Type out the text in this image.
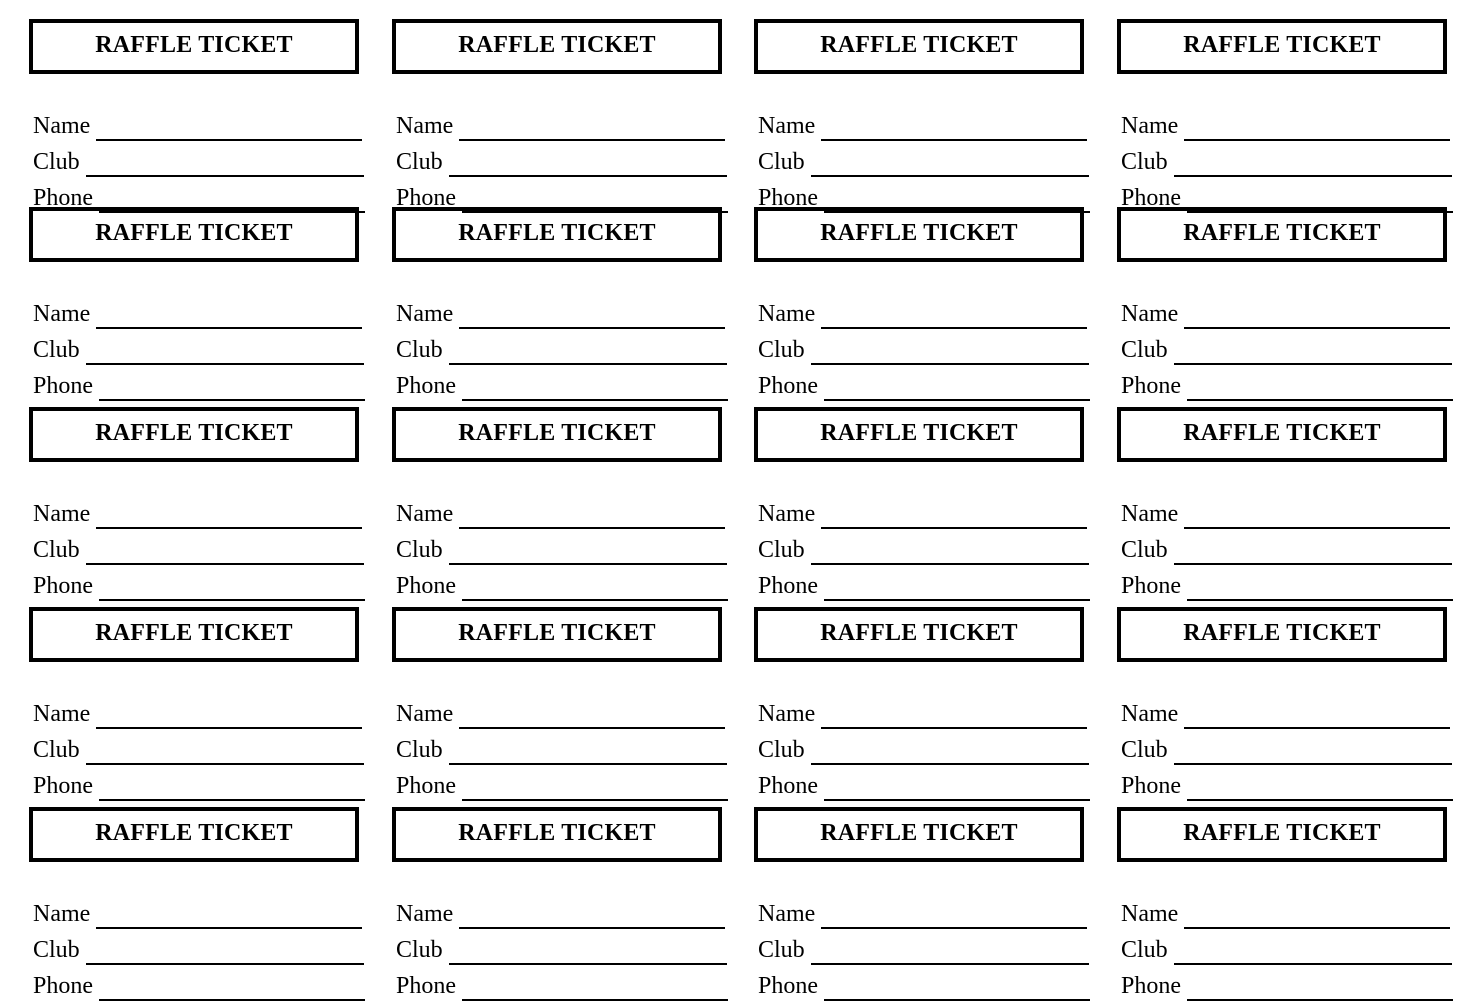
RAFFLE TICKET
Name
Club
Phone
RAFFLE TICKET
Name
Club
Phone
RAFFLE TICKET
Name
Club
Phone
RAFFLE TICKET
Name
Club
Phone
RAFFLE TICKET
Name
Club
Phone
RAFFLE TICKET
Name
Club
Phone
RAFFLE TICKET
Name
Club
Phone
RAFFLE TICKET
Name
Club
Phone
RAFFLE TICKET
Name
Club
Phone
RAFFLE TICKET
Name
Club
Phone
RAFFLE TICKET
Name
Club
Phone
RAFFLE TICKET
Name
Club
Phone
RAFFLE TICKET
Name
Club
Phone
RAFFLE TICKET
Name
Club
Phone
RAFFLE TICKET
Name
Club
Phone
RAFFLE TICKET
Name
Club
Phone
RAFFLE TICKET
Name
Club
Phone
RAFFLE TICKET
Name
Club
Phone
RAFFLE TICKET
Name
Club
Phone
RAFFLE TICKET
Name
Club
Phone
